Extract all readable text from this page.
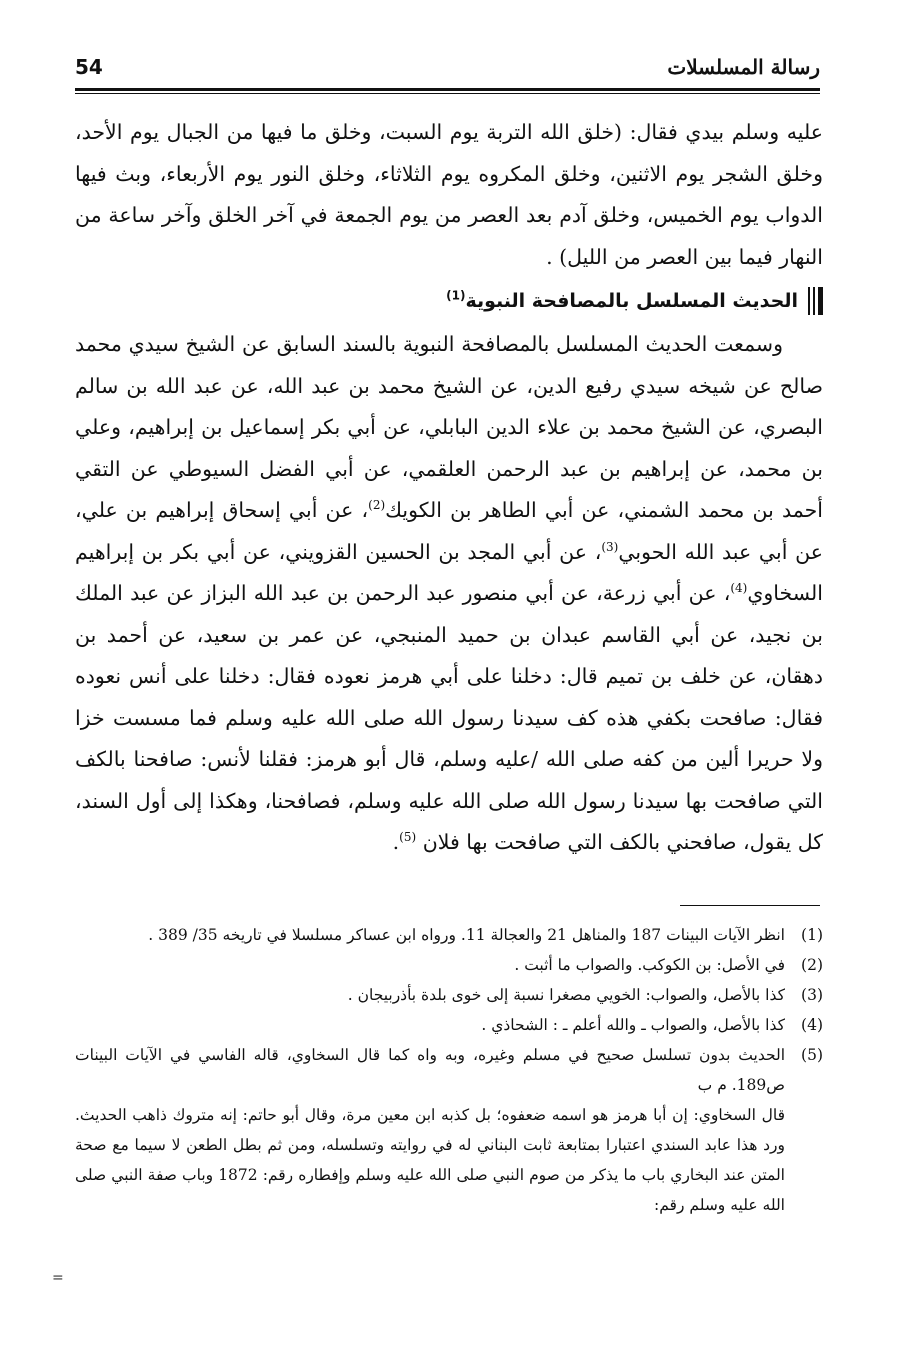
54	رسالة المسلسلات

عليه وسلم بيدي فقال: (خلق الله التربة يوم السبت، وخلق ما فيها من الجبال يوم الأحد، وخلق الشجر يوم الاثنين، وخلق المكروه يوم الثلاثاء، وخلق النور يوم الأربعاء، وبث فيها الدواب يوم الخميس، وخلق آدم بعد العصر من يوم الجمعة في آخر الخلق وآخر ساعة من النهار فيما بين العصر من الليل) .

الحديث المسلسل بالمصافحة النبوية$^{(1)}$

وسمعت الحديث المسلسل بالمصافحة النبوية بالسند السابق عن الشيخ سيدي محمد صالح عن شيخه سيدي رفيع الدين، عن الشيخ محمد بن عبد الله، عن عبد الله بن سالم البصري، عن الشيخ محمد بن علاء الدين البابلي، عن أبي بكر إسماعيل بن إبراهيم، وعلي بن محمد، عن إبراهيم بن عبد الرحمن العلقمي، عن أبي الفضل السيوطي عن التقي أحمد بن محمد الشمني، عن أبي الطاهر بن الكويك$^{(2)}$، عن أبي إسحاق إبراهيم بن علي، عن أبي عبد الله الحوبي$^{(3)}$، عن أبي المجد بن الحسين القزويني، عن أبي بكر بن إبراهيم السخاوي$^{(4)}$، عن أبي زرعة، عن أبي منصور عبد الرحمن بن عبد الله البزاز عن عبد الملك بن نجيد، عن أبي القاسم عبدان بن حميد المنبجي، عن عمر بن سعيد، عن أحمد بن دهقان، عن خلف بن تميم قال: دخلنا على أبي هرمز نعوده فقال: دخلنا على أنس نعوده فقال: صافحت بكفي هذه كف سيدنا رسول الله صلى الله عليه وسلم فما مسست خزا ولا حريرا ألين من كفه صلى الله /عليه وسلم، قال أبو هرمز: فقلنا لأنس: صافحنا بالكف التي صافحت بها سيدنا رسول الله صلى الله عليه وسلم، فصافحنا، وهكذا إلى أول السند، كل يقول، صافحني بالكف التي صافحت بها فلان $^{(5)}$.

(1)
انظر الآيات البينات 187 والمناهل 21 والعجالة 11. ورواه ابن عساكر مسلسلا في تاريخه 35/ 389 .
(2)
في الأصل: بن الكوكب. والصواب ما أثبت .
(3)
كذا بالأصل، والصواب: الخويي مصغرا نسبة إلى خوى بلدة بأذربيجان .
(4)
كذا بالأصل، والصواب ـ والله أعلم ـ : الشحاذي .
(5)
الحديث بدون تسلسل صحيح في مسلم وغيره، وبه واه كما قال السخاوي، قاله الفاسي في الآيات البينات ص189. م ب

قال السخاوي: إن أبا هرمز هو اسمه ضعفوه؛ بل كذبه ابن معين مرة، وقال أبو حاتم: إنه متروك ذاهب الحديث. ورد هذا عابد السندي اعتبارا بمتابعة ثابت البناني له في روايته وتسلسله، ومن ثم بطل الطعن لا سيما مع صحة المتن عند البخاري باب ما يذكر من صوم النبي صلى الله عليه وسلم وإفطاره رقم: 1872 وباب صفة النبي صلى الله عليه وسلم رقم:

=
